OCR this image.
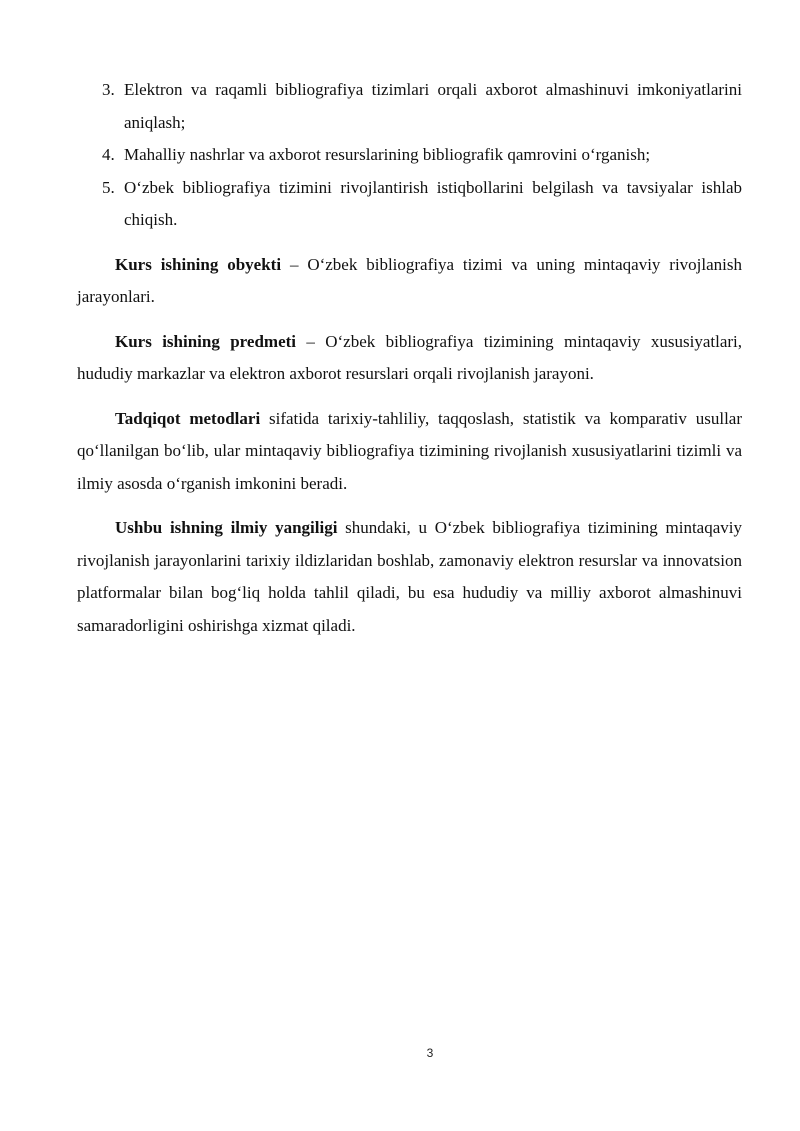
3. Elektron va raqamli bibliografiya tizimlari orqali axborot almashinuvi imkoniyatlarini aniqlash;
4. Mahalliy nashrlar va axborot resurslarining bibliografik qamrovini o‘rganish;
5. O‘zbek bibliografiya tizimini rivojlantirish istiqbollarini belgilash va tavsiyalar ishlab chiqish.

Kurs ishining obyekti – O‘zbek bibliografiya tizimi va uning mintaqaviy rivojlanish jarayonlari.

Kurs ishining predmeti – O‘zbek bibliografiya tizimining mintaqaviy xususiyatlari, hududiy markazlar va elektron axborot resurslari orqali rivojlanish jarayoni.

Tadqiqot metodlari sifatida tarixiy-tahliliy, taqqoslash, statistik va komparativ usullar qo‘llanilgan bo‘lib, ular mintaqaviy bibliografiya tizimining rivojlanish xususiyatlarini tizimli va ilmiy asosda o‘rganish imkonini beradi.

Ushbu ishning ilmiy yangiligi shundaki, u O‘zbek bibliografiya tizimining mintaqaviy rivojlanish jarayonlarini tarixiy ildizlaridan boshlab, zamonaviy elektron resurslar va innovatsion platformalar bilan bog‘liq holda tahlil qiladi, bu esa hududiy va milliy axborot almashinuvi samaradorligini oshirishga xizmat qiladi.

3
